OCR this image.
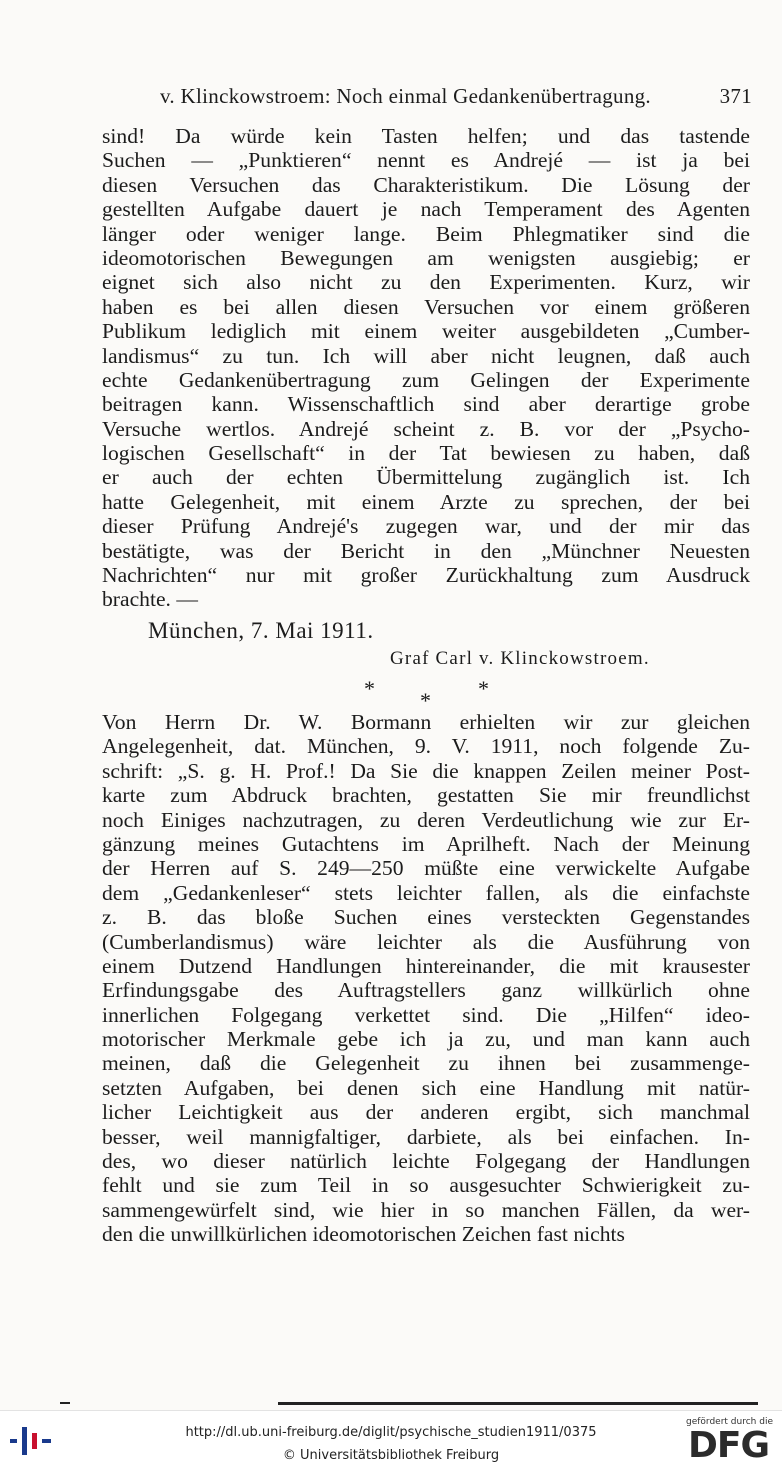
v. Klinckowstroem: Noch einmal Gedankenübertragung.	371
sind! Da würde kein Tasten helfen; und das tastende
Suchen — „Punktieren“ nennt es Andrejé — ist ja bei
diesen Versuchen das Charakteristikum. Die Lösung der
gestellten Aufgabe dauert je nach Temperament des Agenten
länger oder weniger lange. Beim Phlegmatiker sind die
ideomotorischen Bewegungen am wenigsten ausgiebig; er
eignet sich also nicht zu den Experimenten. Kurz, wir
haben es bei allen diesen Versuchen vor einem größeren
Publikum lediglich mit einem weiter ausgebildeten „Cumber-
landismus“ zu tun. Ich will aber nicht leugnen, daß auch
echte Gedankenübertragung zum Gelingen der Experimente
beitragen kann. Wissenschaftlich sind aber derartige grobe
Versuche wertlos. Andrejé scheint z. B. vor der „Psycho-
logischen Gesellschaft“ in der Tat bewiesen zu haben, daß
er auch der echten Übermittelung zugänglich ist. Ich
hatte Gelegenheit, mit einem Arzte zu sprechen, der bei
dieser Prüfung Andrejé's zugegen war, und der mir das
bestätigte, was der Bericht in den „Münchner Neuesten
Nachrichten“ nur mit großer Zurückhaltung zum Ausdruck
brachte. —
München, 7. Mai 1911.
Graf Carl v. Klinckowstroem.
* * *
Von Herrn Dr. W. Bormann erhielten wir zur gleichen
Angelegenheit, dat. München, 9. V. 1911, noch folgende Zu-
schrift: „S. g. H. Prof.! Da Sie die knappen Zeilen meiner Post-
karte zum Abdruck brachten, gestatten Sie mir freundlichst
noch Einiges nachzutragen, zu deren Verdeutlichung wie zur Er-
gänzung meines Gutachtens im Aprilheft. Nach der Meinung
der Herren auf S. 249—250 müßte eine verwickelte Aufgabe
dem „Gedankenleser“ stets leichter fallen, als die einfachste
z. B. das bloße Suchen eines versteckten Gegenstandes
(Cumberlandismus) wäre leichter als die Ausführung von
einem Dutzend Handlungen hintereinander, die mit krausester
Erfindungsgabe des Auftragstellers ganz willkürlich ohne
innerlichen Folgegang verkettet sind. Die „Hilfen“ ideo-
motorischer Merkmale gebe ich ja zu, und man kann auch
meinen, daß die Gelegenheit zu ihnen bei zusammenge-
setzten Aufgaben, bei denen sich eine Handlung mit natür-
licher Leichtigkeit aus der anderen ergibt, sich manchmal
besser, weil mannigfaltiger, darbiete, als bei einfachen. In-
des, wo dieser natürlich leichte Folgegang der Handlungen
fehlt und sie zum Teil in so ausgesuchter Schwierigkeit zu-
sammengewürfelt sind, wie hier in so manchen Fällen, da wer-
den die unwillkürlichen ideomotorischen Zeichen fast nichts
http://dl.ub.uni-freiburg.de/diglit/psychische_studien1911/0375
© Universitätsbibliothek Freiburg
gefördert durch die
DFG
